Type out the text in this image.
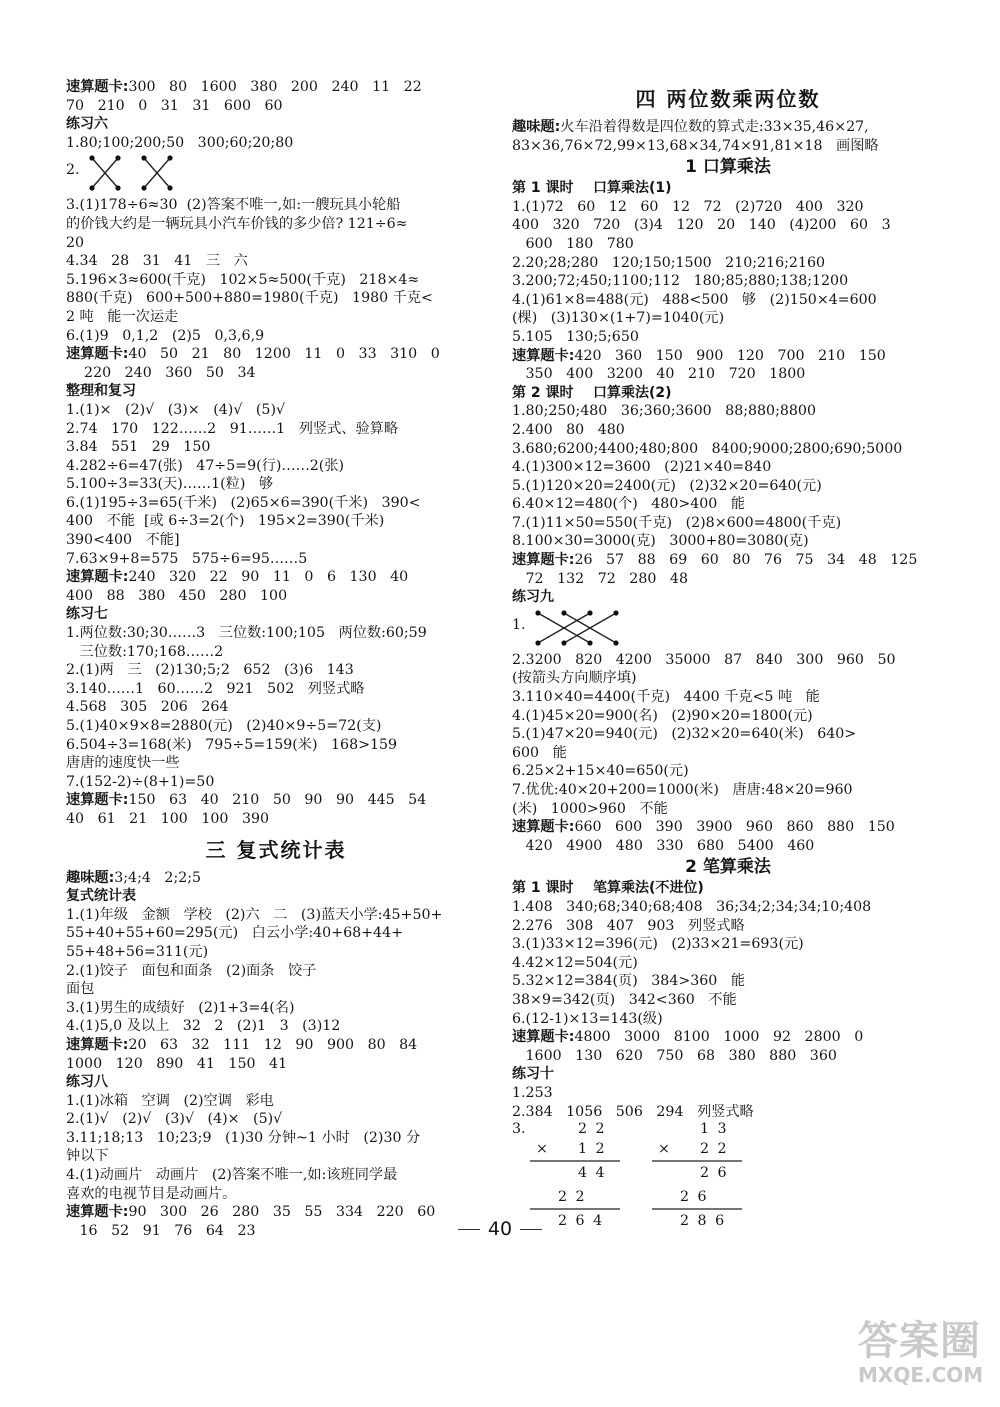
速算题卡:300   80   1600   380   200   240   11   22
70   210   0   31   31   600   60
练习六
1.80;100;200;50   300;60;20;80
2.
3.(1)178÷6≈30  (2)答案不唯一,如:一艘玩具小轮船
的价钱大约是一辆玩具小汽车价钱的多少倍? 121÷6≈
20
4.34   28   31   41   三   六
5.196×3≈600(千克)   102×5≈500(千克)   218×4≈
880(千克)   600+500+880=1980(千克)   1980 千克<
2 吨   能一次运走
6.(1)9   0,1,2   (2)5   0,3,6,9
速算题卡:40   50   21   80   1200   11   0   33   310   0
220   240   360   50   34
整理和复习
1.(1)×   (2)√   (3)×   (4)√   (5)√
2.74   170   122……2   91……1   列竖式、验算略
3.84   551   29   150
4.282÷6=47(张)   47÷5=9(行)……2(张)
5.100÷3=33(天)……1(粒)   够
6.(1)195÷3=65(千米)   (2)65×6=390(千米)   390<
400   不能  [或 6÷3=2(个)   195×2=390(千米)
390<400   不能]
7.63×9+8=575   575÷6=95……5
速算题卡:240   320   22   90   11   0   6   130   40
400   88   380   450   280   100
练习七
1.两位数:30;30……3   三位数:100;105   两位数:60;59
三位数:170;168……2
2.(1)两   三   (2)130;5;2   652   (3)6   143
3.140……1   60……2   921   502   列竖式略
4.568   305   206   264
5.(1)40×9×8=2880(元)   (2)40×9÷5=72(支)
6.504÷3=168(米)   795÷5=159(米)   168>159
唐唐的速度快一些
7.(152-2)÷(8+1)=50
速算题卡:150   63   40   210   50   90   90   445   54
40   61   21   100   100   390
三 复式统计表
趣味题:3;4;4   2;2;5
复式统计表
1.(1)年级   金额   学校   (2)六   二   (3)蓝天小学:45+50+
55+40+55+60=295(元)   白云小学:40+68+44+
55+48+56=311(元)
2.(1)饺子   面包和面条   (2)面条   饺子
面包
3.(1)男生的成绩好   (2)1+3=4(名)
4.(1)5,0 及以上   32   2   (2)1   3   (3)12
速算题卡:20   63   32   111   12   90   900   80   84
1000   120   890   41   150   41
练习八
1.(1)冰箱   空调   (2)空调   彩电
2.(1)√   (2)√   (3)√   (4)×   (5)√
3.11;18;13   10;23;9   (1)30 分钟~1 小时   (2)30 分
钟以下
4.(1)动画片   动画片   (2)答案不唯一,如:该班同学最
喜欢的电视节目是动画片。
速算题卡:90   300   26   280   35   55   334   220   60
16   52   91   76   64   23
四 两位数乘两位数
趣味题:火车沿着得数是四位数的算式走:33×35,46×27,
83×36,76×72,99×13,68×34,74×91,81×18   画图略
1 口算乘法
第 1 课时    口算乘法(1)
1.(1)72   60   12   60   12   72   (2)720   400   320
400   320   720   (3)4   120   20   140   (4)200   60   3
600   180   780
2.20;28;280   120;150;1500   210;216;2160
3.200;72;450;1100;112   180;85;880;138;1200
4.(1)61×8=488(元)   488<500   够   (2)150×4=600
(棵)   (3)130×(1+7)=1040(元)
5.105   130;5;650
速算题卡:420   360   150   900   120   700   210   150
350   400   3200   40   210   720   1800
第 2 课时    口算乘法(2)
1.80;250;480   36;360;3600   88;880;8800
2.400   80   480
3.680;6200;4400;480;800   8400;9000;2800;690;5000
4.(1)300×12=3600   (2)21×40=840
5.(1)120×20=2400(元)   (2)32×20=640(元)
6.40×12=480(个)   480>400   能
7.(1)11×50=550(千克)   (2)8×600=4800(千克)
8.100×30=3000(克)   3000+80=3080(克)
速算题卡:26   57   88   69   60   80   76   75   34   48   125
72   132   72   280   48
练习九
1.
2.3200   820   4200   35000   87   840   300   960   50
(按箭头方向顺序填)
3.110×40=4400(千克)   4400 千克<5 吨   能
4.(1)45×20=900(名)   (2)90×20=1800(元)
5.(1)47×20=940(元)   (2)32×20=640(米)   640>
600   能
6.25×2+15×40=650(元)
7.优优:40×20+200=1000(米)   唐唐:48×20=960
(米)   1000>960   不能
速算题卡:660   600   390   3900   960   860   880   150
420   4900   480   330   680   5400   460
2 笔算乘法
第 1 课时    笔算乘法(不进位)
1.408   340;68;340;68;408   36;34;2;34;34;10;408
2.276   308   407   903   列竖式略
3.(1)33×12=396(元)   (2)33×21=693(元)
4.42×12=504(元)
5.32×12=384(页)   384>360   能
38×9=342(页)   342<360   不能
6.(12-1)×13=143(级)
速算题卡:4800   3000   8100   1000   92   2800   0
1600   130   620   750   68   380   880   360
练习十
1.253
2.384   1056   506   294   列竖式略
3.	2 2
1 2
4 4
2 2
2 6 4
×
1 3
2 2
2 6
2 6
2 8 6
×
40
答案圈
MXQE.COM
